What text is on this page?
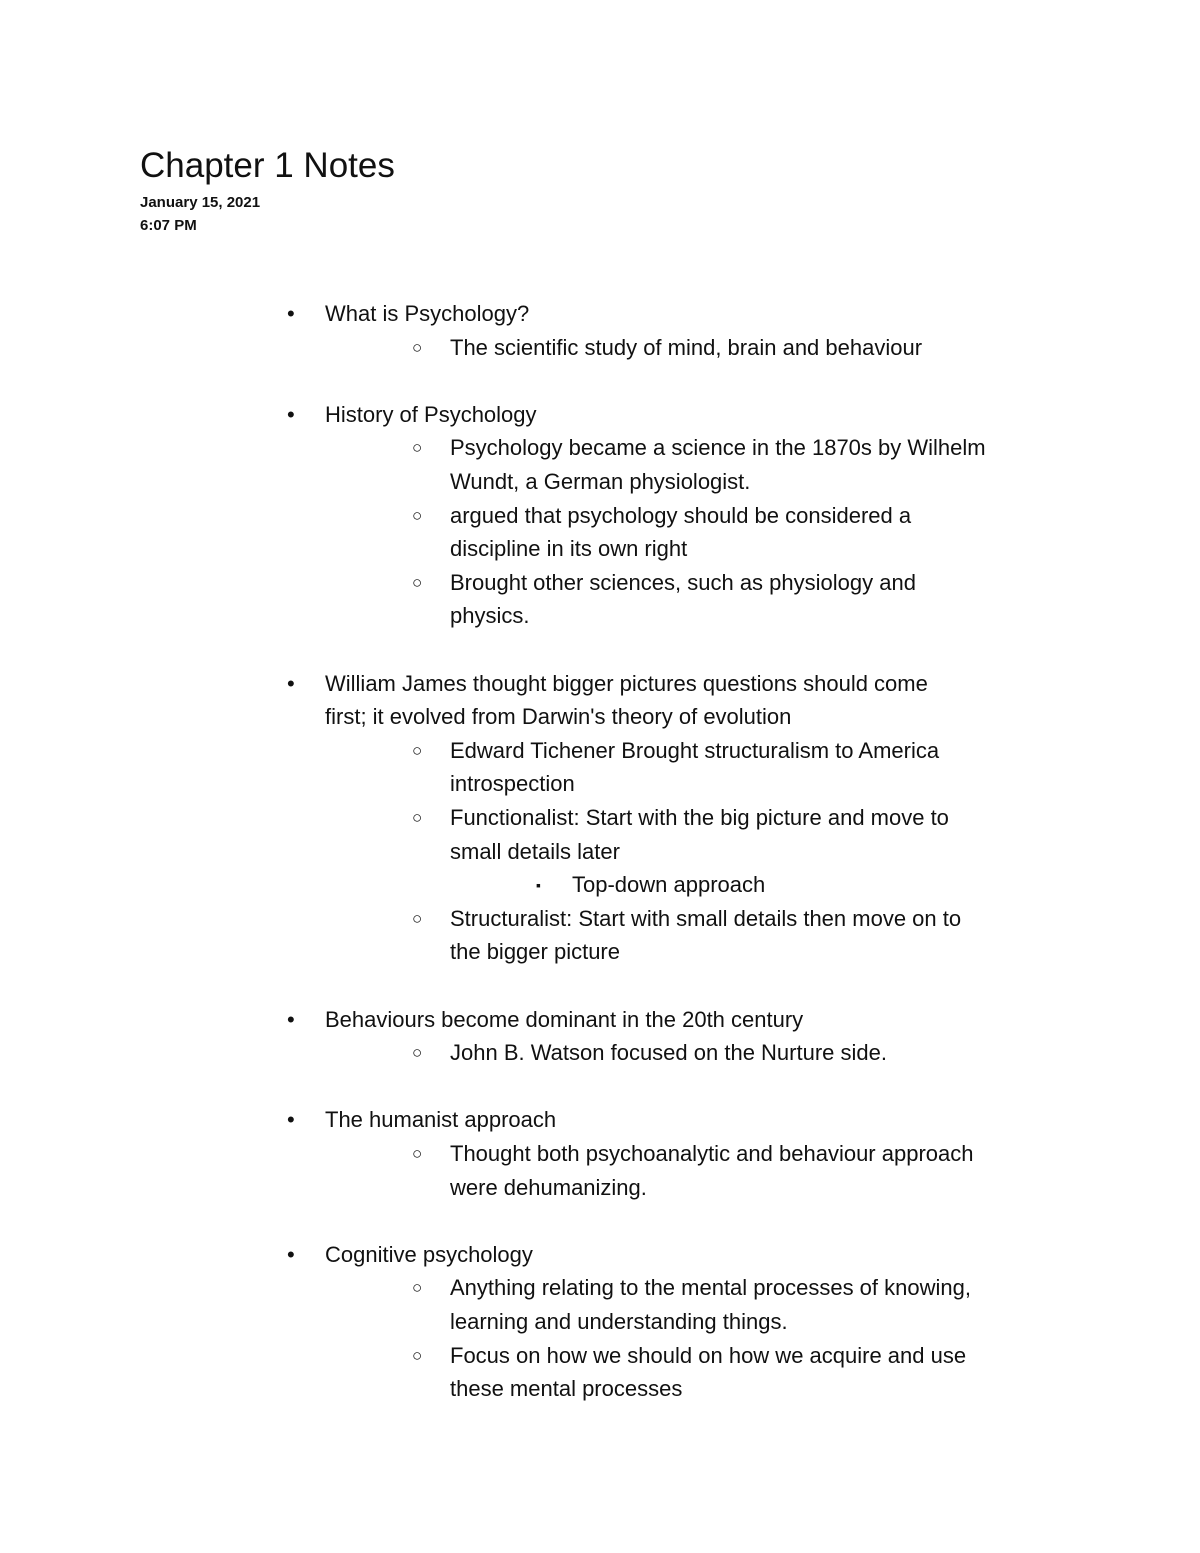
Chapter 1 Notes
January 15, 2021
6:07 PM
• What is Psychology?
○ The scientific study of mind, brain and behaviour
• History of Psychology
○ Psychology became a science in the 1870s by Wilhelm
Wundt, a German physiologist.
○ argued that psychology should be considered a
discipline in its own right
○ Brought other sciences, such as physiology and
physics.
• William James thought bigger pictures questions should come
first; it evolved from Darwin's theory of evolution
○ Edward Tichener Brought structuralism to America
introspection
○ Functionalist: Start with the big picture and move to
small details later
▪ Top-down approach
○ Structuralist: Start with small details then move on to
the bigger picture
• Behaviours become dominant in the 20th century
○ John B. Watson focused on the Nurture side.
• The humanist approach
○ Thought both psychoanalytic and behaviour approach
were dehumanizing.
• Cognitive psychology
○ Anything relating to the mental processes of knowing,
learning and understanding things.
○ Focus on how we should on how we acquire and use
these mental processes
